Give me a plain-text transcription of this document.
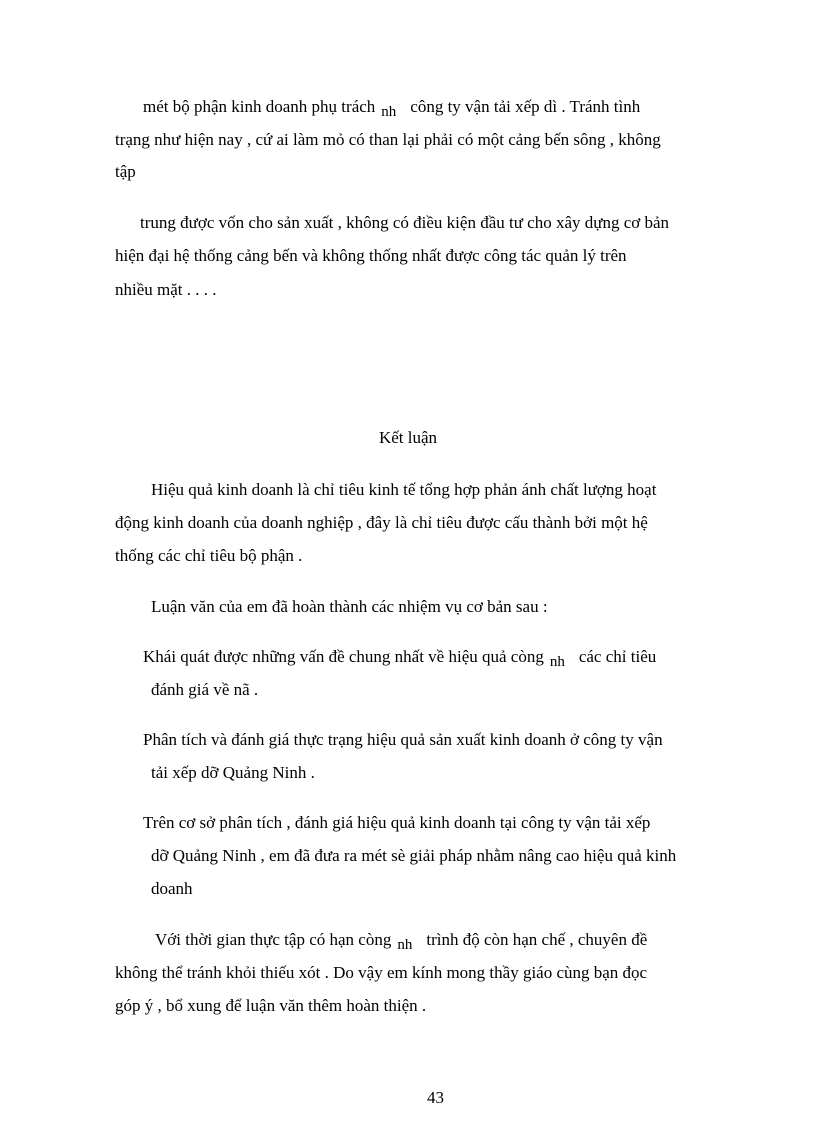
mét bộ phận kinh doanh phụ trách nh công ty vận tải xếp dì . Tránh tình
trạng như hiện nay , cứ ai làm mỏ có than lại phải có một cảng bến sông , không
tập
trung được vốn cho sản xuất , không có điều kiện đầu tư cho xây dựng cơ bản
hiện đại hệ thống cảng bến và không thống nhất được công tác quản lý trên
nhiều mặt . . . .
Kết luận
Hiệu quả kinh doanh là chỉ tiêu kinh tế tổng hợp phản ánh chất lượng hoạt
động kinh doanh của doanh nghiệp , đây là chỉ tiêu được cấu thành bởi một hệ
thống các chỉ tiêu bộ phận .
Luận văn của em đã hoàn thành các nhiệm vụ cơ bản sau :
Khái quát được những vấn đề chung nhất về hiệu quả còng nh các chỉ tiêu
đánh giá về nã .
Phân tích và đánh giá thực trạng hiệu quả sản xuất kinh doanh ở công ty vận
tải xếp dỡ Quảng Ninh .
Trên cơ sở phân tích , đánh giá hiệu quả kinh doanh tại công ty vận tải xếp
dỡ Quảng Ninh , em đã đưa ra mét sè giải pháp nhằm nâng cao hiệu quả kinh
doanh
Với thời gian thực tập có hạn còng nh trình độ còn hạn chế , chuyên đề
không thể tránh khỏi thiếu xót . Do vậy em kính mong thầy giáo cùng bạn đọc
góp ý , bổ xung để luận văn thêm hoàn thiện .
43
